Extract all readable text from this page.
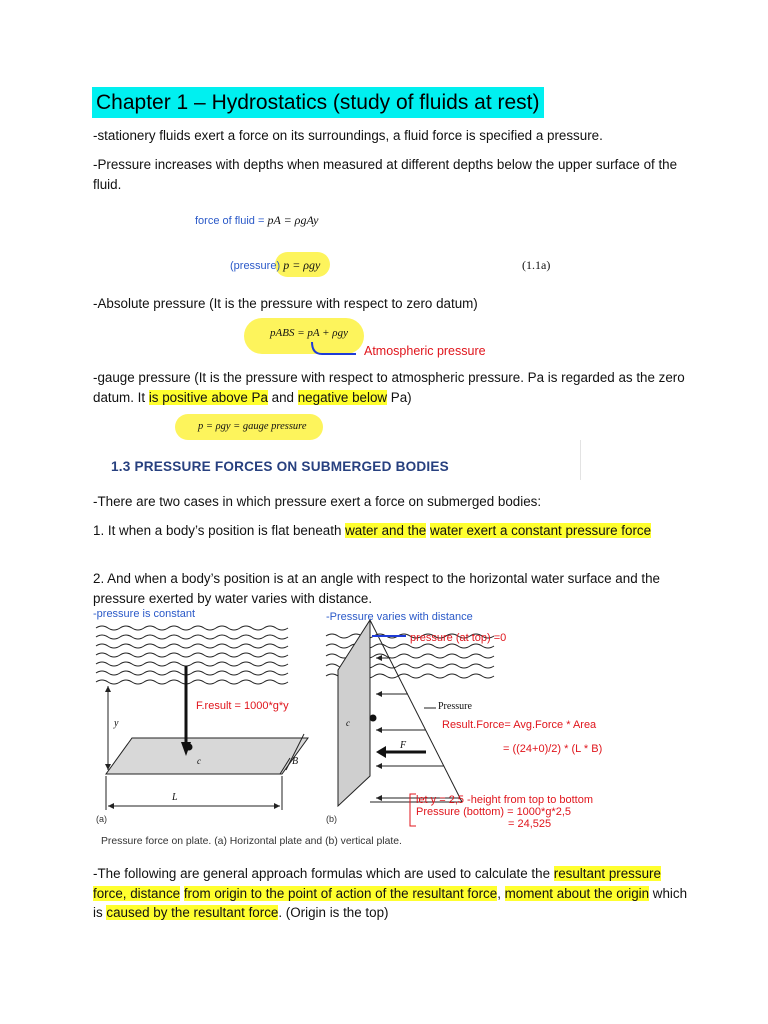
Chapter 1 – Hydrostatics (study of fluids at rest)
-stationery fluids exert a force on its surroundings, a fluid force is specified a pressure.
-Pressure increases with depths when measured at different depths below the upper surface of the fluid.
force of fluid = pA = ρgAy
(pressure) p = ρgy	(1.1a)
-Absolute pressure (It is the pressure with respect to zero datum)
pABS = pA + ρgy
Atmospheric pressure
-gauge pressure (It is the pressure with respect to atmospheric pressure. Pa is regarded as the zero datum. It is positive above Pa and negative below Pa)
p = ρgy = gauge pressure
1.3 PRESSURE FORCES ON SUBMERGED BODIES
-There are two cases in which pressure exert a force on submerged bodies:
1. It when a body’s position is flat beneath water and the water exert a constant pressure force
2. And when a body’s position is at an angle with respect to the horizontal water surface and the pressure exerted by water varies with distance.
-pressure is constant
F.result = 1000*g*y
y
c	B
L
(a)
-Pressure varies with distance
pressure (at top) =0
Pressure
Result.Force= Avg.Force * Area
= ((24+0)/2) * (L * B)
c
F
(b)
let y = 2,5 -height from top to bottom
Pressure (bottom) = 1000*g*2,5
= 24,525
Pressure force on plate. (a) Horizontal plate and (b) vertical plate.
-The following are general approach formulas which are used to calculate the resultant pressure force, distance from origin to the point of action of the resultant force, moment about the origin which is caused by the resultant force. (Origin is the top)
